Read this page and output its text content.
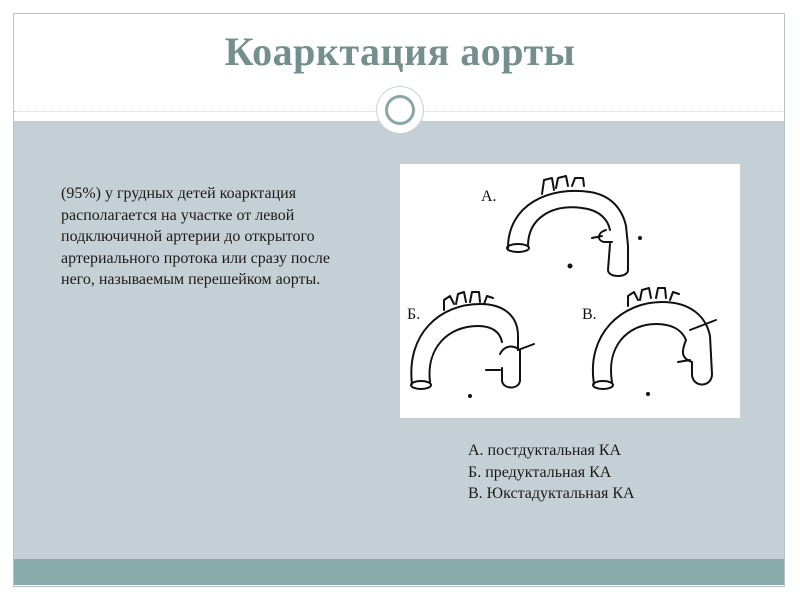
Коарктация аорты
(95%) у грудных детей коарктация располагается на участке от левой подключичной артерии до открытого артериального протока или сразу после него, называемым перешейком аорты.
А.
Б.	В.
А. постдуктальная КА
Б. предуктальная КА
В. Юкстадуктальная КА
